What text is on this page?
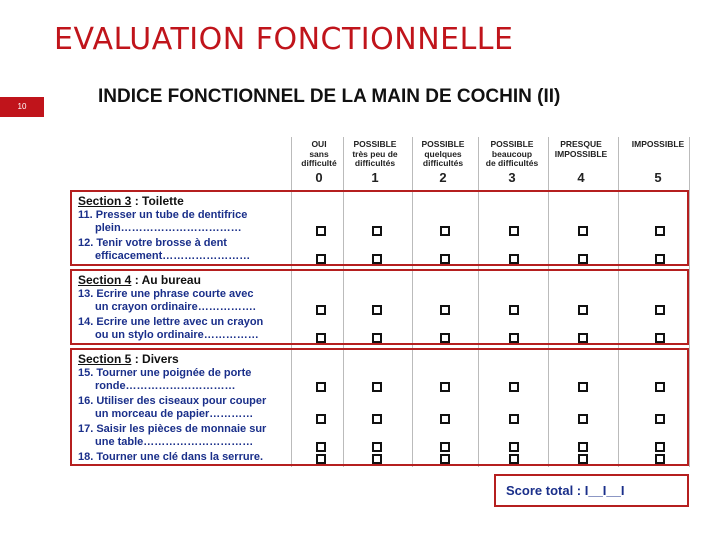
EVALUATION FONCTIONNELLE
10	INDICE FONCTIONNEL DE LA MAIN DE COCHIN (II)
OUI
sans
difficulté
0
POSSIBLE
très peu de
difficultés
1
POSSIBLE
quelques
difficultés
2
POSSIBLE
beaucoup
de difficultés
3
PRESQUE
IMPOSSIBLE

4
IMPOSSIBLE

5
Section 3 : Toilette
11. Presser un tube de dentifrice
plein……………………………
12. Tenir votre brosse à dent
efficacement……………………
Section 4 : Au bureau
13. Ecrire une phrase courte avec
un crayon ordinaire…………….
14. Ecrire une lettre avec un crayon
ou un stylo ordinaire……………
Section 5 : Divers
15. Tourner une poignée de porte
ronde…………………………
16. Utiliser des ciseaux pour couper
un morceau de papier…………
17. Saisir les pièces de monnaie sur
une table…………………………
18. Tourner une clé dans la serrure.
Score total : I__I__I
